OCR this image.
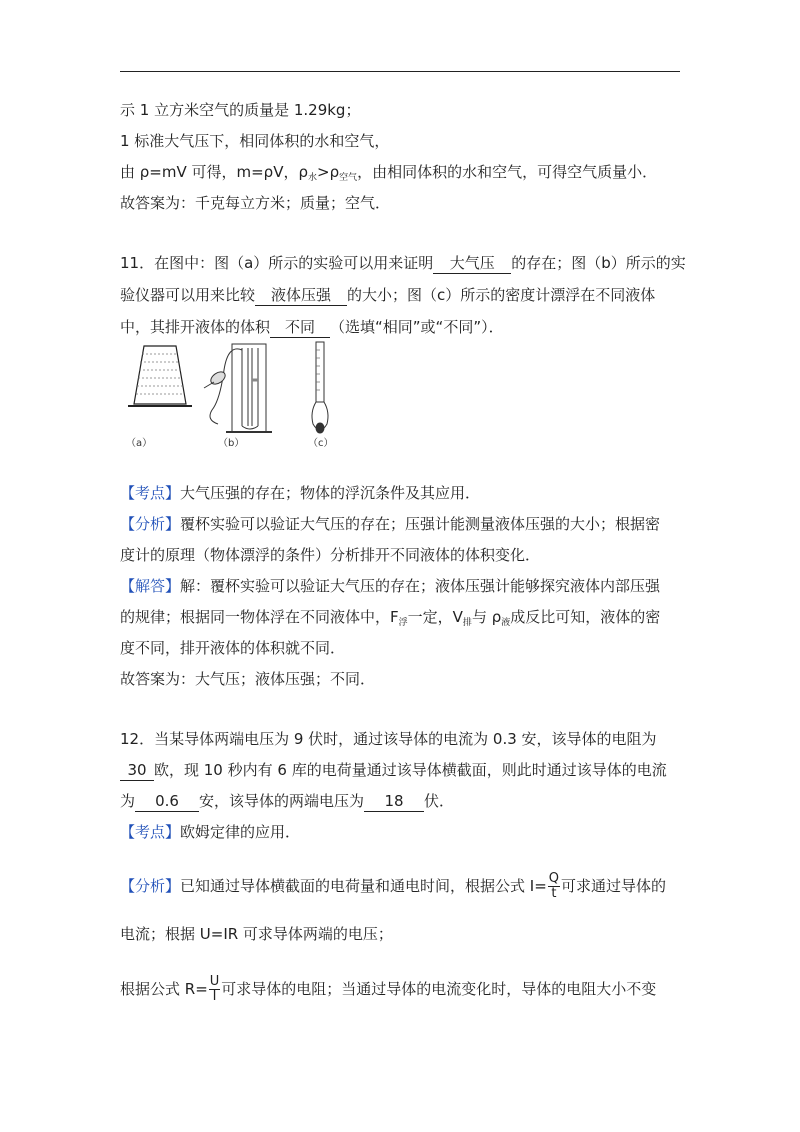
示 1 立方米空气的质量是 1.29kg；
1 标准大气压下，相同体积的水和空气，
由 ρ=mV 可得，m=ρV，$\rho_水>\rho_{空气}$，由相同体积的水和空气，可得空气质量小．
故答案为：千克每立方米；质量；空气．
11．在图中：图（a）所示的实验可以用来证明 大气压 的存在；图（b）所示的实
验仪器可以用来比较 液体压强 的大小；图（c）所示的密度计漂浮在不同液体
中，其排开液体的体积 不同 （选填“相同”或“不同”）．
（a）	（b）	（c）
【考点】大气压强的存在；物体的浮沉条件及其应用．
【分析】覆杯实验可以验证大气压的存在；压强计能测量液体压强的大小；根据密
度计的原理（物体漂浮的条件）分析排开不同液体的体积变化．
【解答】解：覆杯实验可以验证大气压的存在；液体压强计能够探究液体内部压强
的规律；根据同一物体浮在不同液体中，$F_浮$一定，$V_排$与 $\rho_液$成反比可知，液体的密
度不同，排开液体的体积就不同．
故答案为：大气压；液体压强；不同．
12．当某导体两端电压为 9 伏时，通过该导体的电流为 0.3 安，该导体的电阻为
30 欧，现 10 秒内有 6 库的电荷量通过该导体横截面，则此时通过该导体的电流
为 0.6 安，该导体的两端电压为 18 伏．
【考点】欧姆定律的应用．
【分析】已知通过导体横截面的电荷量和通电时间，根据公式 $I= \frac{Q}{t}$ 可求通过导体的
电流；根据 U=IR 可求导体两端的电压；
根据公式 $R= \frac{U}{I}$ 可求导体的电阻；当通过导体的电流变化时，导体的电阻大小不变
